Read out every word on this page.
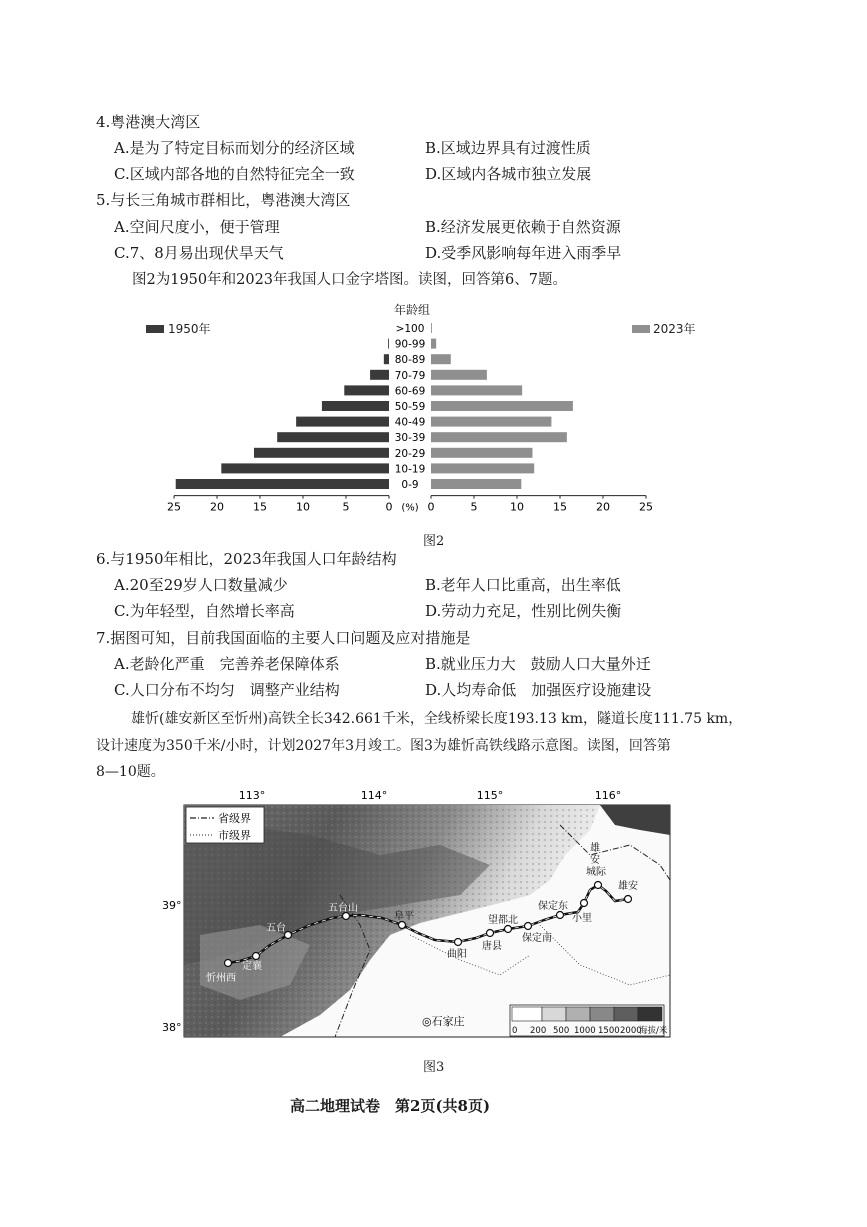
4.粤港澳大湾区
A.是为了特定目标而划分的经济区域	B.区域边界具有过渡性质
C.区域内部各地的自然特征完全一致	D.区域内各城市独立发展
5.与长三角城市群相比，粤港澳大湾区
A.空间尺度小，便于管理	B.经济发展更依赖于自然资源
C.7、8月易出现伏旱天气	D.受季风影响每年进入雨季早
图2为1950年和2023年我国人口金字塔图。读图，回答第6、7题。
年龄组
1950年	2023年
>100
90-99
80-89
70-79
60-69
50-59
40-49
30-39
20-29
10-19
0-9
25	20	15	10	5	0	0	5	10	15	20	25
(%)
图2
6.与1950年相比，2023年我国人口年龄结构
A.20至29岁人口数量减少	B.老年人口比重高，出生率低
C.为年轻型，自然增长率高	D.劳动力充足，性别比例失衡
7.据图可知，目前我国面临的主要人口问题及应对措施是
A.老龄化严重　完善养老保障体系	B.就业压力大　鼓励人口大量外迁
C.人口分布不均匀　调整产业结构	D.人均寿命低　加强医疗设施建设
雄忻(雄安新区至忻州)高铁全长342.661千米，全线桥梁长度193.13 km，隧道长度111.75 km，
设计速度为350千米/小时，计划2027年3月竣工。图3为雄忻高铁线路示意图。读图，回答第
8—10题。
113°	114°	115°	116°
39°
38°
省级界
市级界
忻州西
定襄
五台
五台山
阜平
曲阳
唐县
望都北
保定南
保定东
小里
雄
安
城际
雄安
◎石家庄
0 200 500 1000 1500 2000
海拔/米
图3
高二地理试卷　第2页(共8页)
